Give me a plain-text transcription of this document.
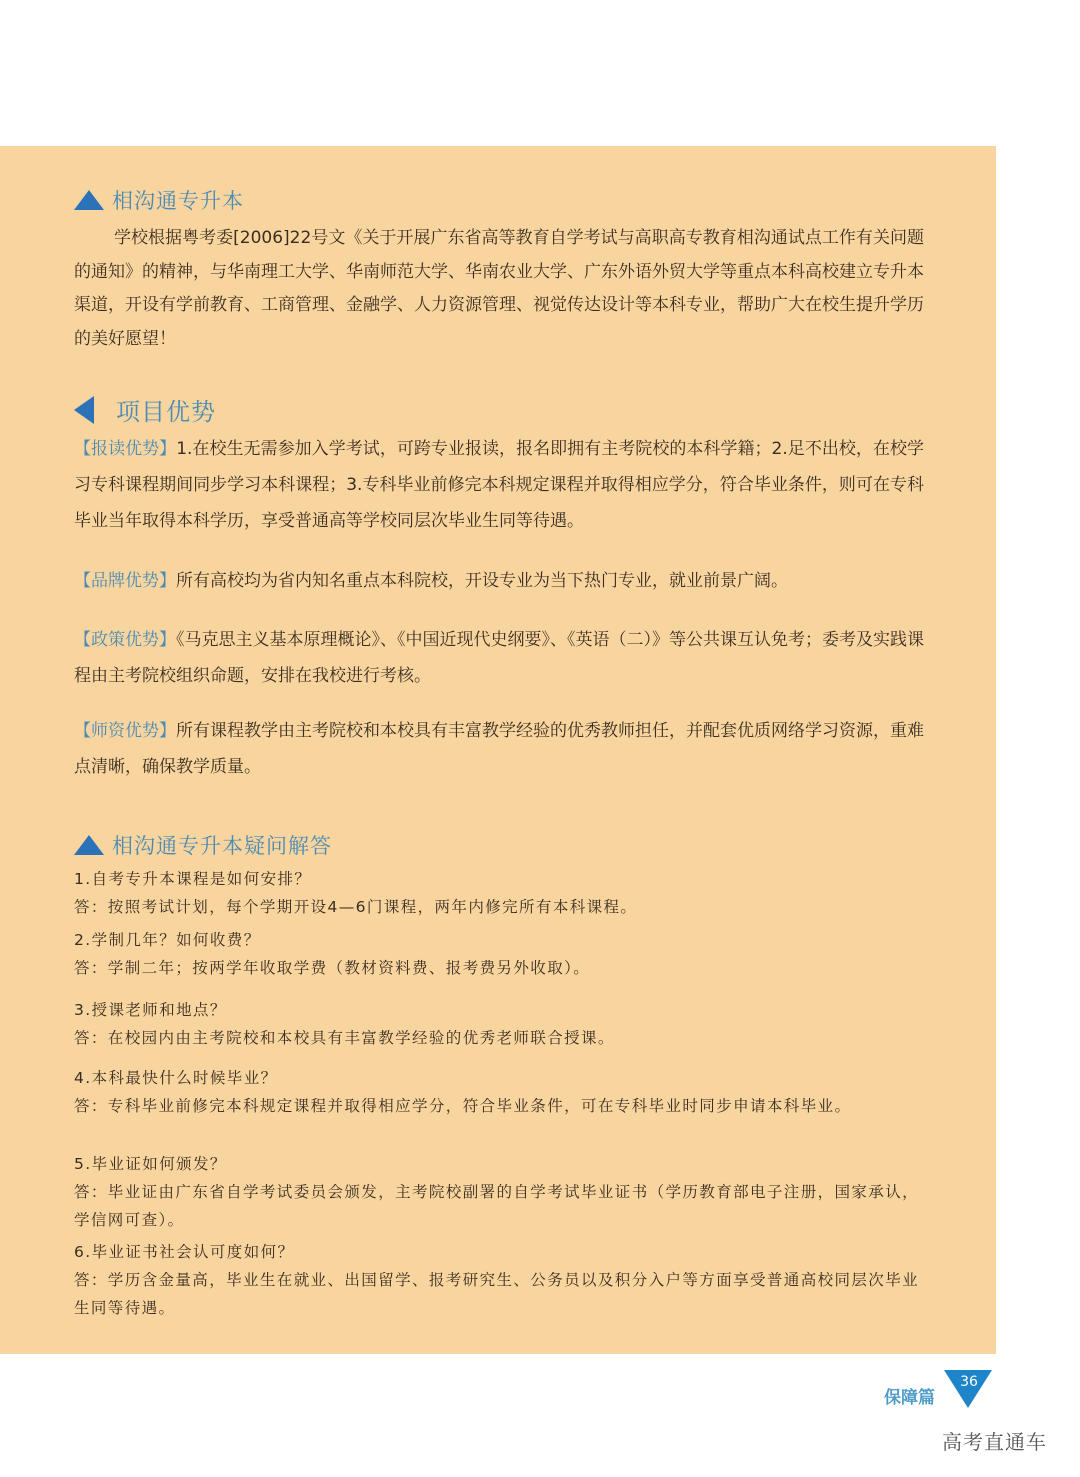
相沟通专升本
学校根据粤考委[2006]22号文《关于开展广东省高等教育自学考试与高职高专教育相沟通试点工作有关问题的通知》的精神，与华南理工大学、华南师范大学、华南农业大学、广东外语外贸大学等重点本科高校建立专升本渠道，开设有学前教育、工商管理、金融学、人力资源管理、视觉传达设计等本科专业，帮助广大在校生提升学历的美好愿望！
项目优势
【报读优势】1.在校生无需参加入学考试，可跨专业报读，报名即拥有主考院校的本科学籍；2.足不出校，在校学习专科课程期间同步学习本科课程；3.专科毕业前修完本科规定课程并取得相应学分，符合毕业条件，则可在专科毕业当年取得本科学历，享受普通高等学校同层次毕业生同等待遇。
【品牌优势】所有高校均为省内知名重点本科院校，开设专业为当下热门专业，就业前景广阔。
【政策优势】《马克思主义基本原理概论》、《中国近现代史纲要》、《英语（二）》等公共课互认免考；委考及实践课程由主考院校组织命题，安排在我校进行考核。
【师资优势】所有课程教学由主考院校和本校具有丰富教学经验的优秀教师担任，并配套优质网络学习资源，重难点清晰，确保教学质量。
相沟通专升本疑问解答
1.自考专升本课程是如何安排？
答：按照考试计划，每个学期开设4—6门课程，两年内修完所有本科课程。
2.学制几年？如何收费？
答：学制二年；按两学年收取学费（教材资料费、报考费另外收取）。
3.授课老师和地点？
答：在校园内由主考院校和本校具有丰富教学经验的优秀老师联合授课。
4.本科最快什么时候毕业？
答：专科毕业前修完本科规定课程并取得相应学分，符合毕业条件，可在专科毕业时同步申请本科毕业。
5.毕业证如何颁发？
答：毕业证由广东省自学考试委员会颁发，主考院校副署的自学考试毕业证书（学历教育部电子注册，国家承认，学信网可查）。
6.毕业证书社会认可度如何？
答：学历含金量高，毕业生在就业、出国留学、报考研究生、公务员以及积分入户等方面享受普通高校同层次毕业生同等待遇。
保障篇
36
高考直通车
